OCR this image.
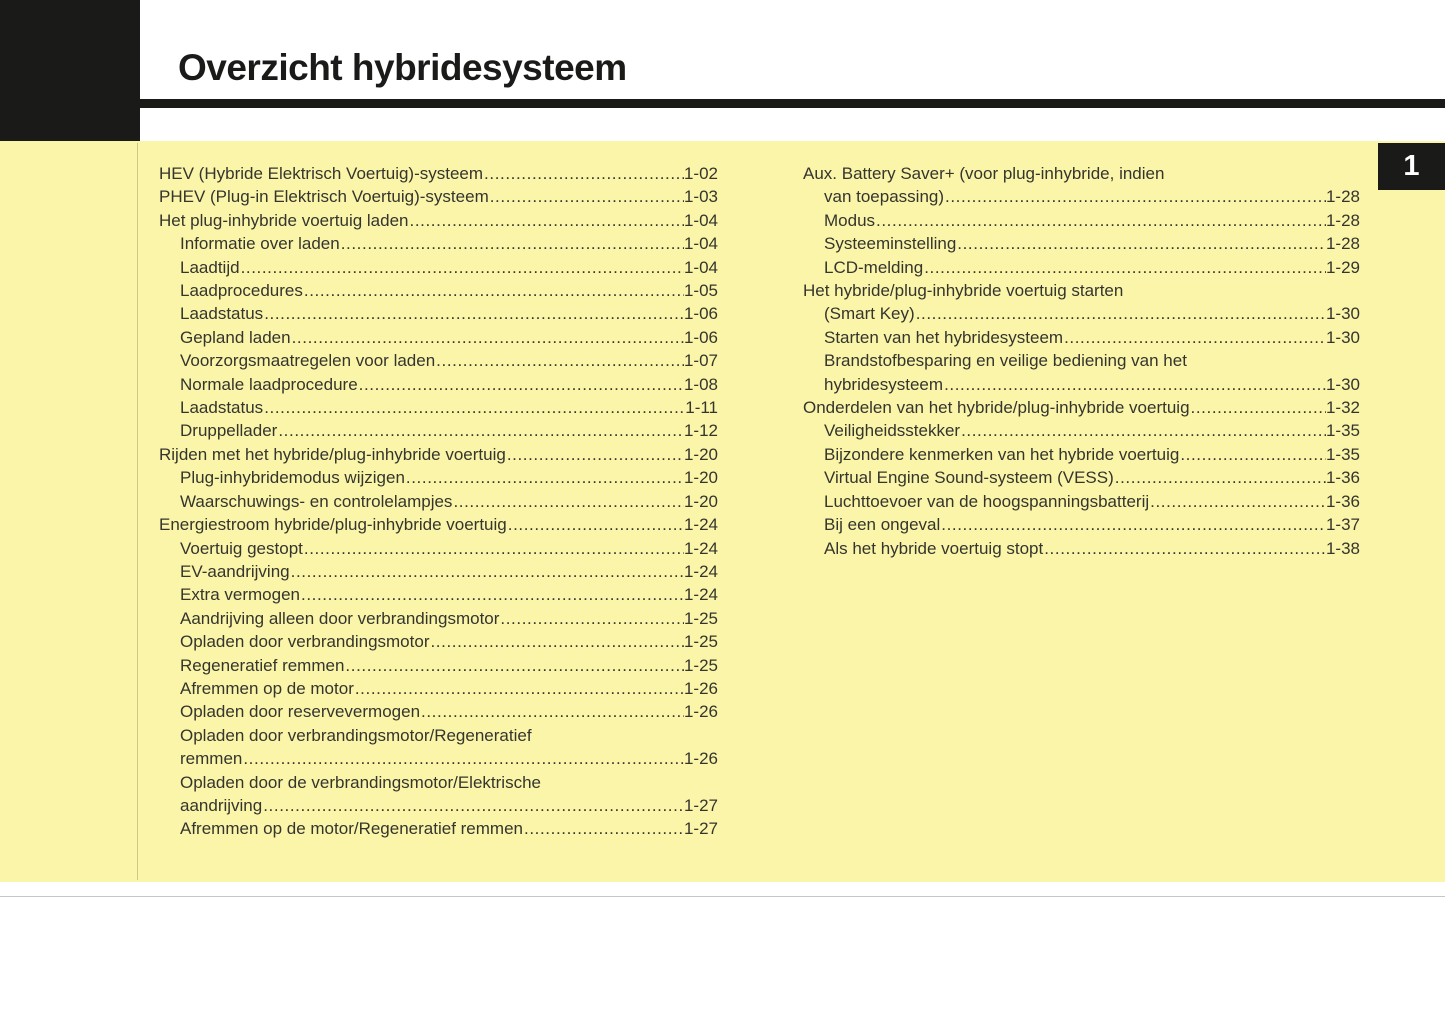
Overzicht hybridesysteem
HEV (Hybride Elektrisch Voertuig)-systeem .....	1-02
PHEV (Plug-in Elektrisch Voertuig)-systeem .....	1-03
Het plug-inhybride voertuig laden .....	1-04
Informatie over laden .....	1-04
Laadtijd .....	1-04
Laadprocedures .....	1-05
Laadstatus .....	1-06
Gepland laden .....	1-06
Voorzorgsmaatregelen voor laden .....	1-07
Normale laadprocedure .....	1-08
Laadstatus .....	1-11
Druppellader .....	1-12
Rijden met het hybride/plug-inhybride voertuig .....	1-20
Plug-inhybridemodus wijzigen .....	1-20
Waarschuwings- en controlelampjes .....	1-20
Energiestroom hybride/plug-inhybride voertuig .....	1-24
Voertuig gestopt .....	1-24
EV-aandrijving .....	1-24
Extra vermogen .....	1-24
Aandrijving alleen door verbrandingsmotor .....	1-25
Opladen door verbrandingsmotor .....	1-25
Regeneratief remmen .....	1-25
Afremmen op de motor .....	1-26
Opladen door reservevermogen .....	1-26
Opladen door verbrandingsmotor/Regeneratief
remmen .....	1-26
Opladen door de verbrandingsmotor/Elektrische
aandrijving .....	1-27
Afremmen op de motor/Regeneratief remmen .....	1-27
Aux. Battery Saver+ (voor plug-inhybride, indien
van toepassing) .....	1-28
Modus .....	1-28
Systeeminstelling .....	1-28
LCD-melding .....	1-29
Het hybride/plug-inhybride voertuig starten
(Smart Key) .....	1-30
Starten van het hybridesysteem .....	1-30
Brandstofbesparing en veilige bediening van het
hybridesysteem .....	1-30
Onderdelen van het hybride/plug-inhybride voertuig .....	1-32
Veiligheidsstekker .....	1-35
Bijzondere kenmerken van het hybride voertuig .....	1-35
Virtual Engine Sound-systeem (VESS) .....	1-36
Luchttoevoer van de hoogspanningsbatterij .....	1-36
Bij een ongeval .....	1-37
Als het hybride voertuig stopt .....	1-38
1
